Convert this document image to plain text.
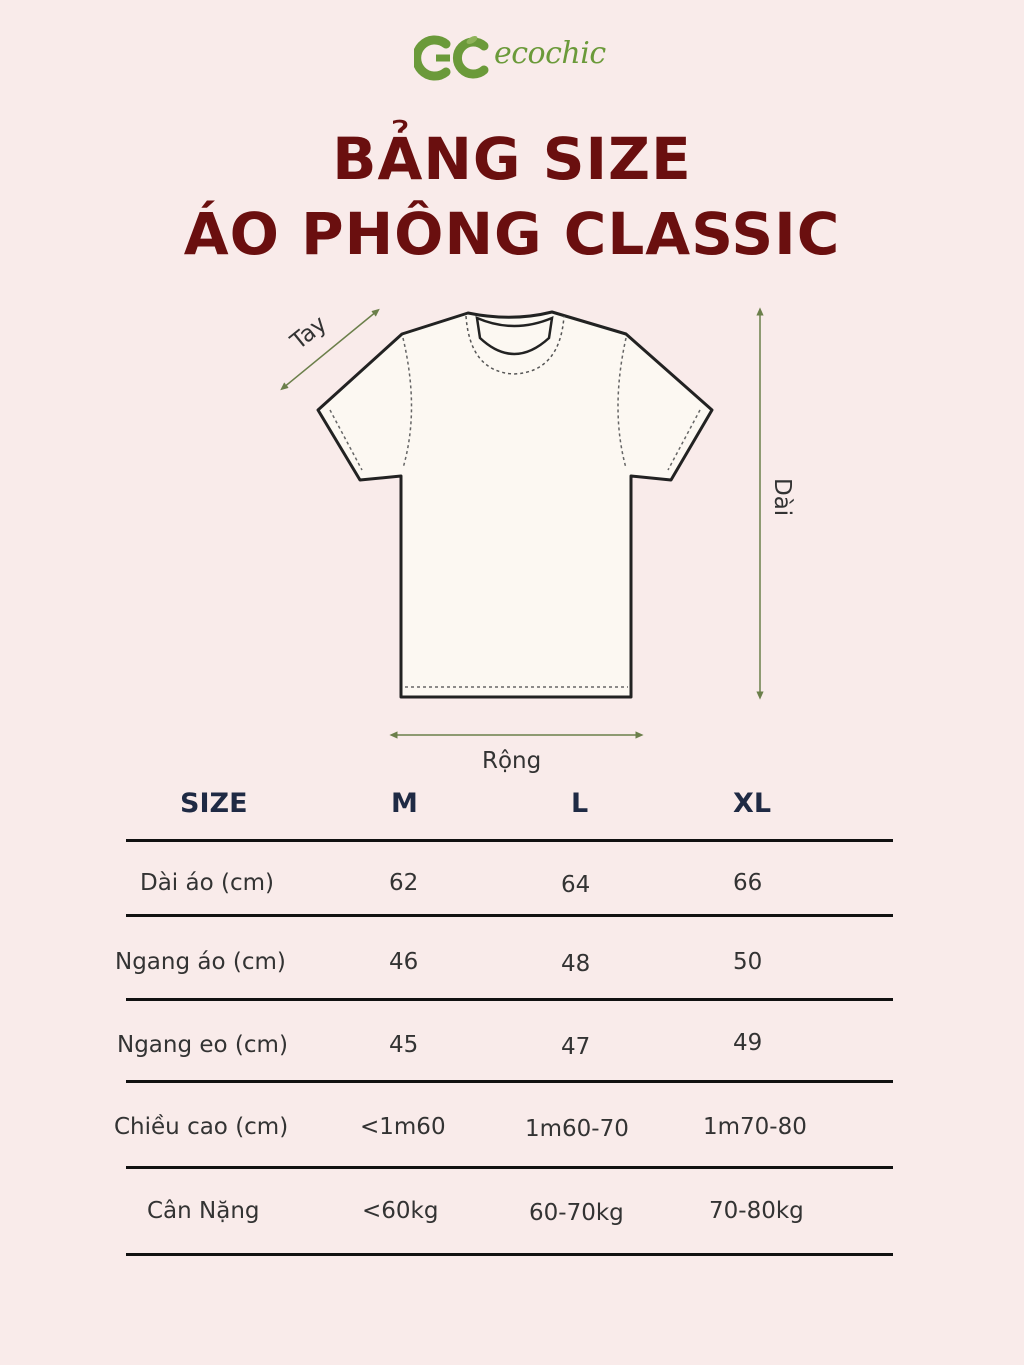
ecochic
BẢNG SIZE
ÁO PHÔNG CLASSIC
Tay
Dài
Rộng
SIZE	M	L	XL
Dài áo (cm)	62	64	66
Ngang áo (cm)	46	48	50
Ngang eo (cm)	45	47	49
Chiều cao (cm)	<1m60	1m60-70	1m70-80
Cân Nặng	<60kg	60-70kg	70-80kg
